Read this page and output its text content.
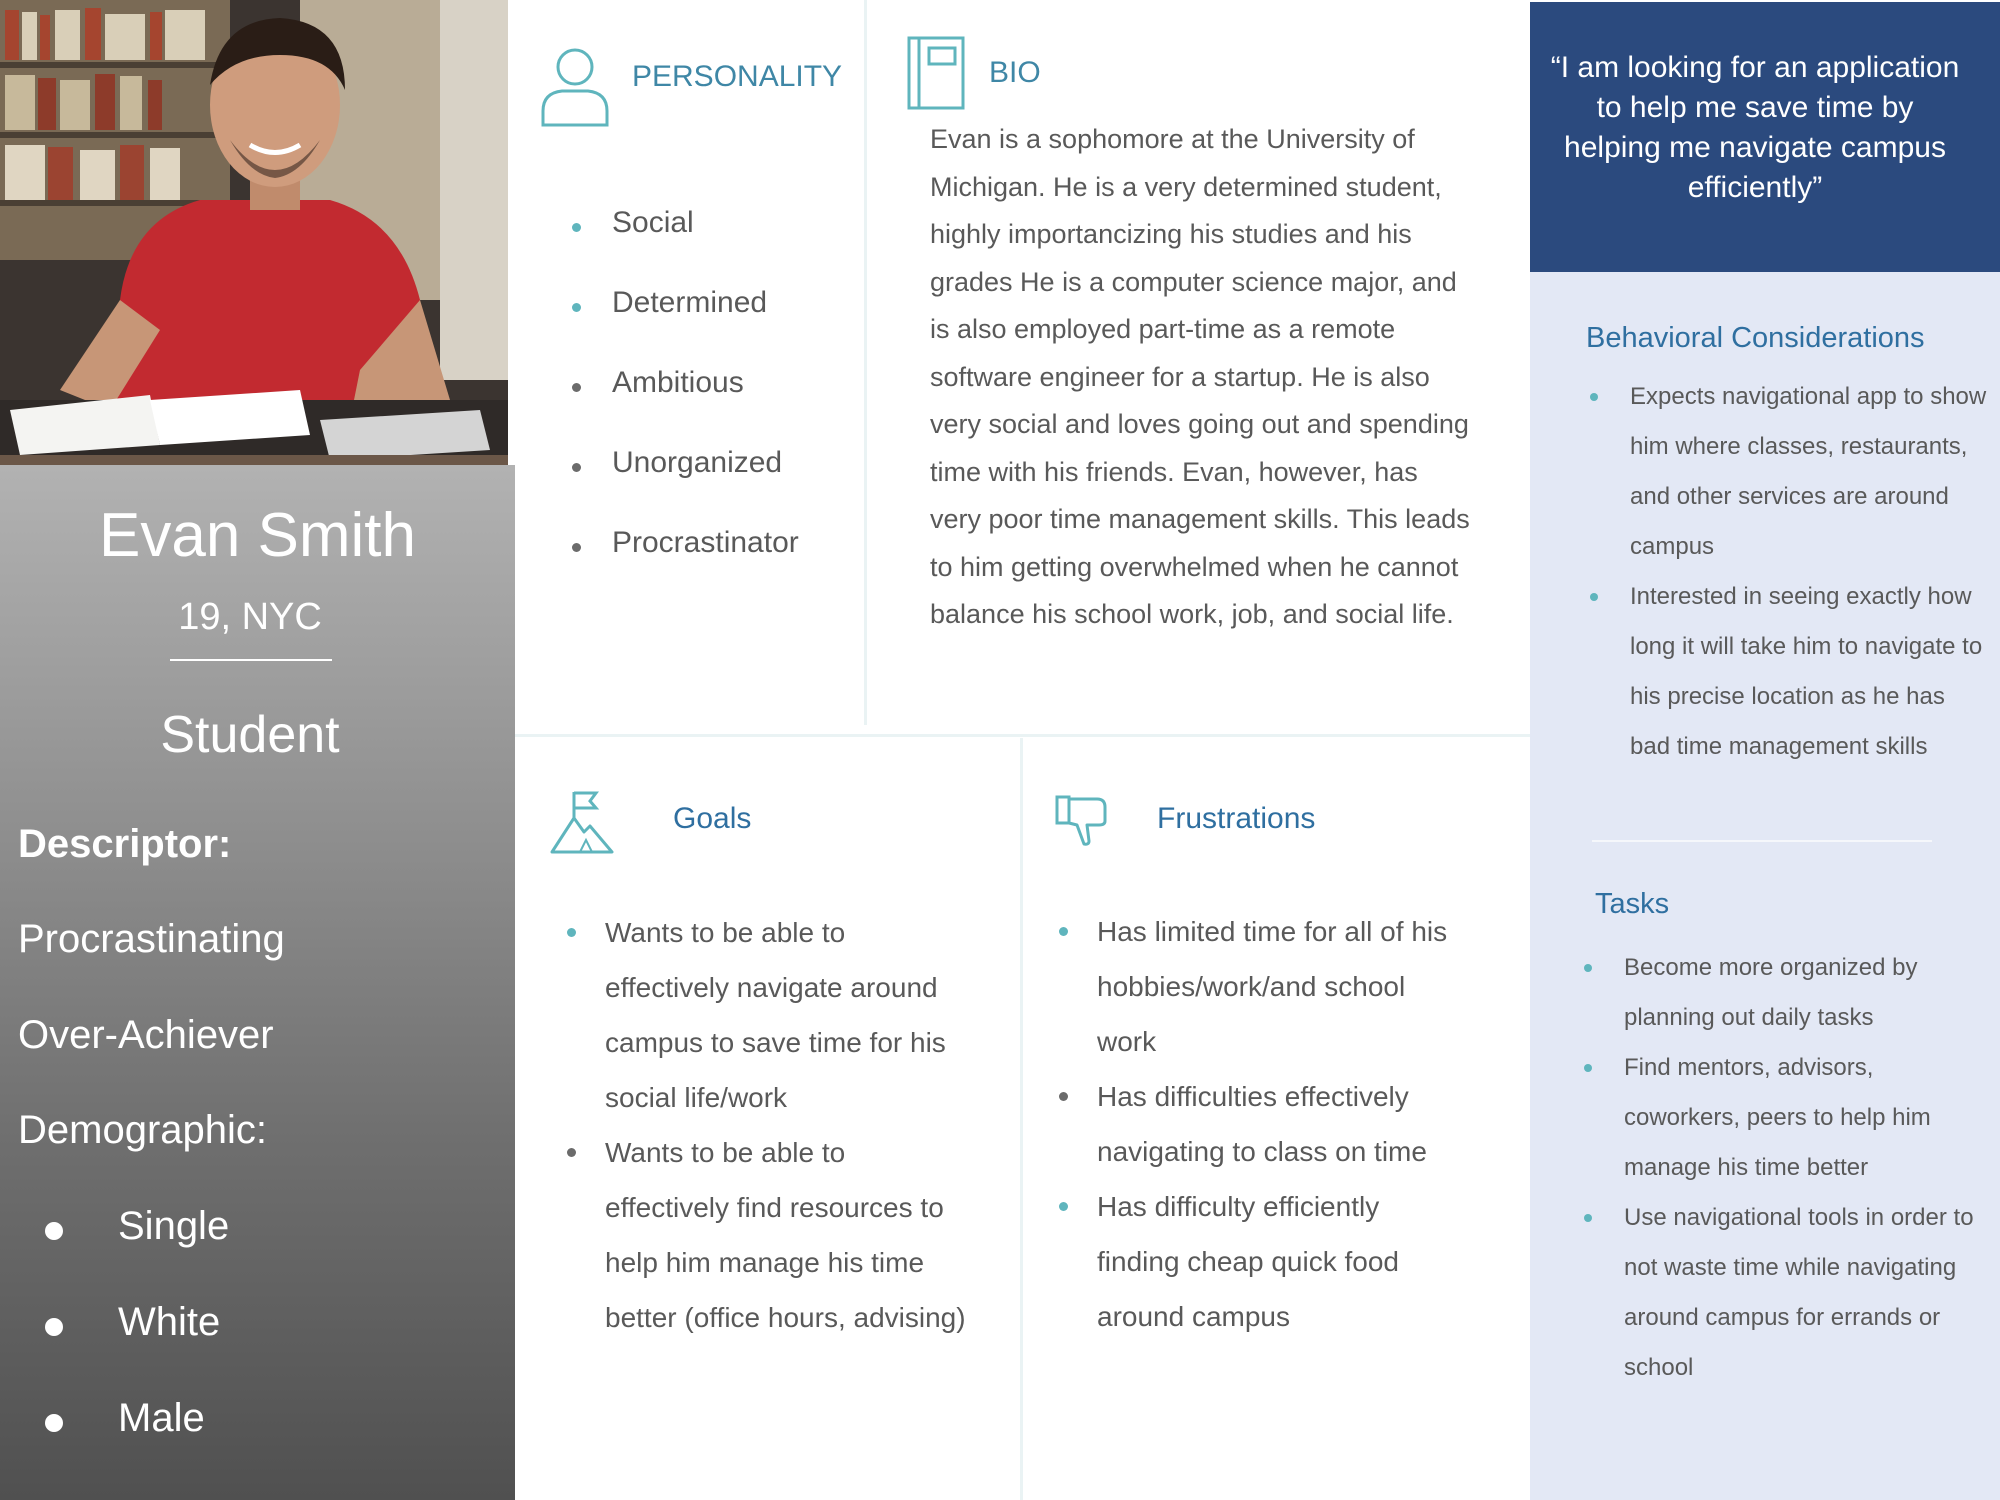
Evan Smith
19, NYC
Student
Descriptor:
Procrastinating
Over-Achiever
Demographic:
Single
White
Male
PERSONALITY
Social
Determined
Ambitious
Unorganized
Procrastinator
BIO
Evan is a sophomore at the University of Michigan. He is a very determined student, highly importancizing his studies and his grades He is a computer science major, and is also employed part-time as a remote software engineer for a startup. He is also very social and loves going out and spending time with his friends. Evan, however, has very poor time management skills. This leads to him getting overwhelmed when he cannot balance his school work, job, and social life.
Goals
Wants to be able to effectively navigate around campus to save time for his social life/work
Wants to be able to effectively find resources to help him manage his time better (office hours, advising)
Frustrations
Has limited time for all of his hobbies/work/and school work
Has difficulties effectively navigating to class on time
Has difficulty efficiently finding cheap quick food around campus
“I am looking for an application to help me save time by helping me navigate campus efficiently”
Behavioral Considerations
Expects navigational app to show him where classes, restaurants, and other services are around campus
Interested in seeing exactly how long it will take him to navigate to his precise location as he has bad time management skills
Tasks
Become more organized by planning out daily tasks
Find mentors, advisors, coworkers, peers to help him manage his time better
Use navigational tools in order to not waste time while navigating around campus for errands or school
